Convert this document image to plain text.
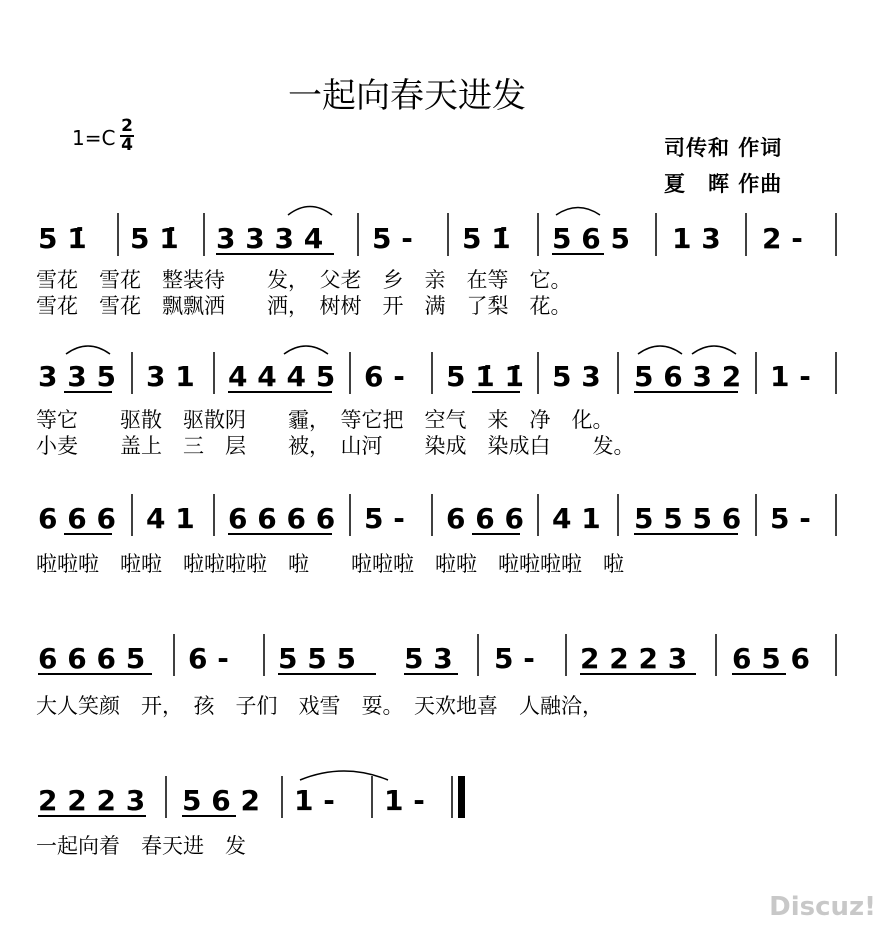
一起向春天进发
1=C 2
4	司传和 作词
夏　晖 作曲
5 1̇ 5 1̇ 3 3 3 4 5 - 5 1̇ 5 6 5 1 3 2 -
3 3 5 3 1 4 4 4 5 6 - 5 1̇ 1̇ 5 3 5 6 3 2 1 -
6 6 6 4 1 6 6 6 6 5 - 6 6 6 4 1 5 5 5 6 5 -
6 6 6 5 6 - 5 5 5 5 3 5 - 2 2 2 3 6 5 6
2 2 2 3 5 6 2 1 - 1 -
雪花　雪花　整装待　　发，　父老　乡　亲　在等　它。
雪花　雪花　飘飘洒　　洒，　树树　开　满　了梨　花。
等它　　驱散　驱散阴　　霾，　等它把　空气　来　净　化。
小麦　　盖上　三　层　　被，　山河　　染成　染成白　　发。
啦啦啦　啦啦　啦啦啦啦　啦　　啦啦啦　啦啦　啦啦啦啦　啦
大人笑颜　开，　孩　子们　戏雪　耍。　天欢地喜　人融洽，
一起向着　春天进　发
Discuz!
